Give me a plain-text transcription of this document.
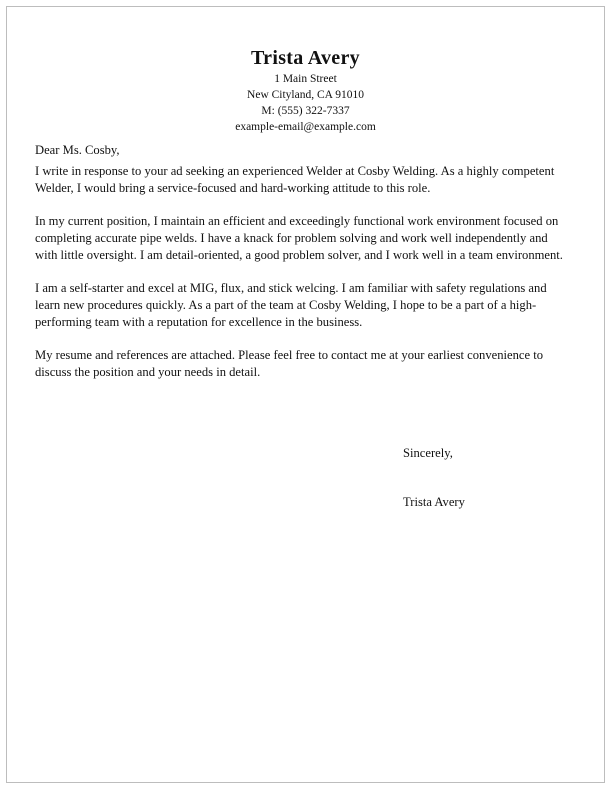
Trista Avery

1 Main Street

New Cityland, CA 91010

M: (555) 322-7337

example-email@example.com

Dear Ms. Cosby,

I write in response to your ad seeking an experienced Welder at Cosby Welding. As a highly competent Welder, I would bring a service-focused and hard-working attitude to this role.

In my current position, I maintain an efficient and exceedingly functional work environment focused on completing accurate pipe welds. I have a knack for problem solving and work well independently and with little oversight. I am detail-oriented, a good problem solver, and I work well in a team environment.

I am a self-starter and excel at MIG, flux, and stick welcing. I am familiar with safety regulations and learn new procedures quickly. As a part of the team at Cosby Welding, I hope to be a part of a high-performing team with a reputation for excellence in the business.

My resume and references are attached. Please feel free to contact me at your earliest convenience to discuss the position and your needs in detail.

Sincerely,
Trista Avery
